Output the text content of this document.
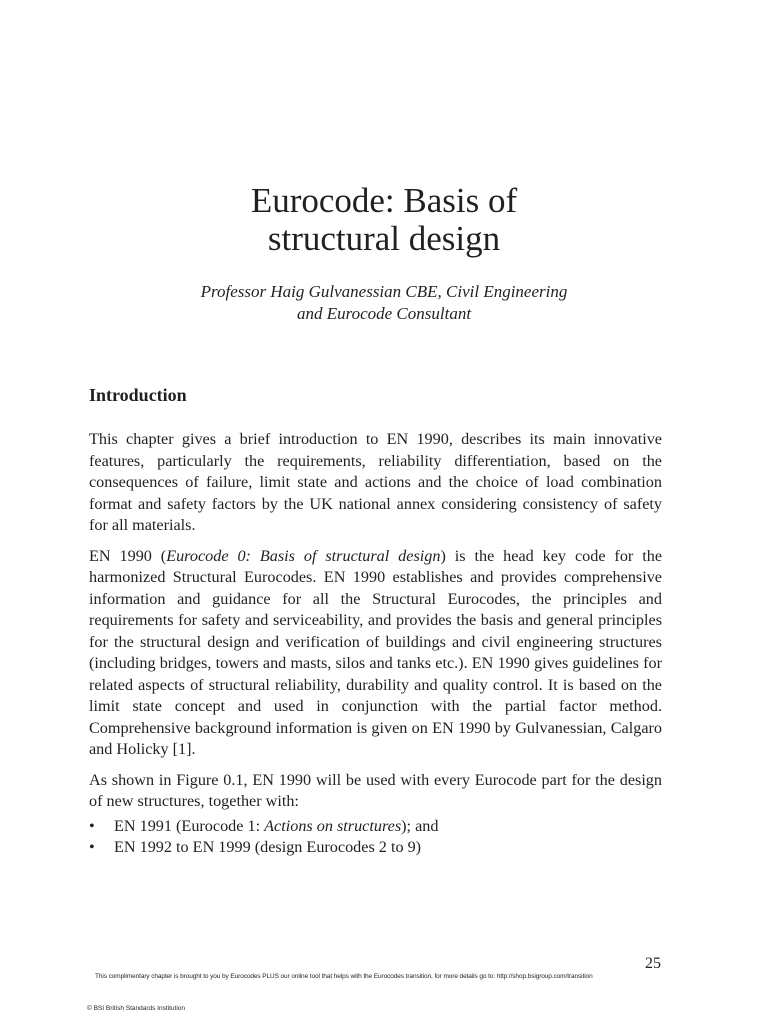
Eurocode: Basis of
structural design
Professor Haig Gulvanessian CBE, Civil Engineering
and Eurocode Consultant
Introduction

This chapter gives a brief introduction to EN 1990, describes its main innovative features, particularly the requirements, reliability differentiation, based on the consequences of failure, limit state and actions and the choice of load combination format and safety factors by the UK national annex considering consistency of safety for all materials.

EN 1990 (Eurocode 0: Basis of structural design) is the head key code for the harmonized Structural Eurocodes. EN 1990 establishes and provides comprehensive information and guidance for all the Structural Eurocodes, the principles and requirements for safety and serviceability, and provides the basis and general principles for the structural design and verification of buildings and civil engineering structures (including bridges, towers and masts, silos and tanks etc.). EN 1990 gives guidelines for related aspects of structural reliability, durability and quality control. It is based on the limit state concept and used in conjunction with the partial factor method. Comprehensive background information is given on EN 1990 by Gulvanessian, Calgaro and Holicky [1].

As shown in Figure 0.1, EN 1990 will be used with every Eurocode part for the design of new structures, together with:

• EN 1991 (Eurocode 1: Actions on structures); and
• EN 1992 to EN 1999 (design Eurocodes 2 to 9)
25
This complimentary chapter is brought to you by Eurocodes PLUS our online tool that helps with the Eurocodes transition, for more details go to: http://shop.bsigroup.com/transition
© BSI British Standards Institution
